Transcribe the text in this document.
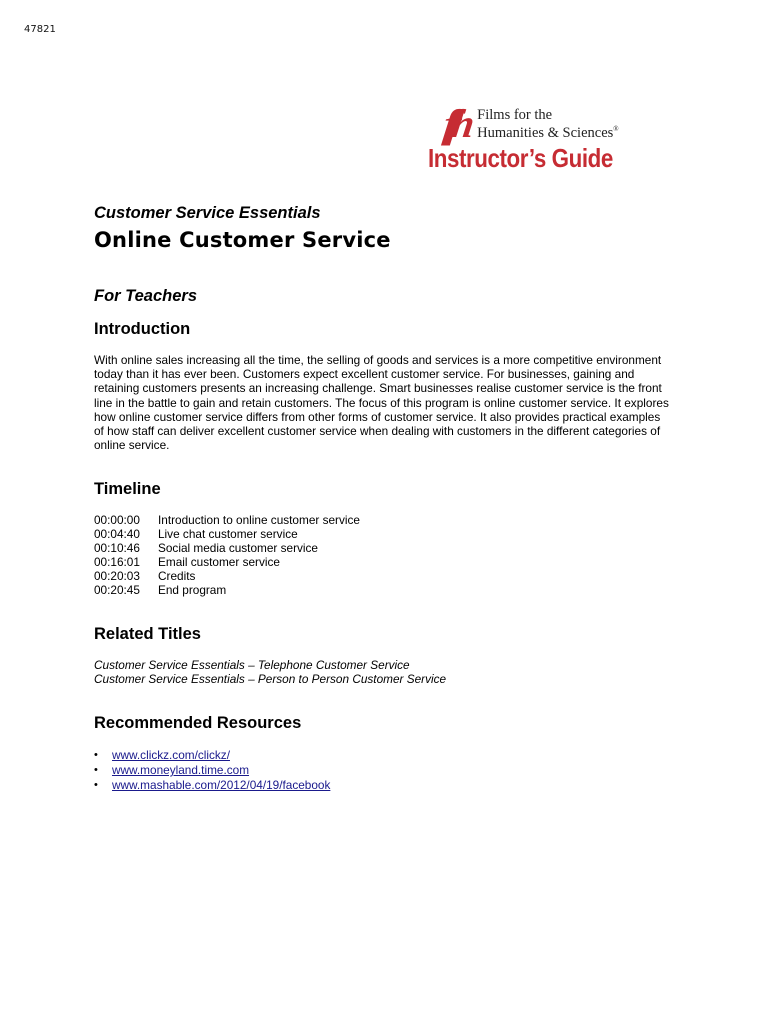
47821
ffh Films for the
Humanities & Sciences®
Instructor’s Guide
Customer Service Essentials
Online Customer Service
For Teachers
Introduction
With online sales increasing all the time, the selling of goods and services is a more competitive environment today than it has ever been. Customers expect excellent customer service. For businesses, gaining and retaining customers presents an increasing challenge. Smart businesses realise customer service is the front line in the battle to gain and retain customers. The focus of this program is online customer service. It explores how online customer service differs from other forms of customer service. It also provides practical examples of how staff can deliver excellent customer service when dealing with customers in the different categories of online service.
Timeline
00:00:00	Introduction to online customer service
00:04:40	Live chat customer service
00:10:46	Social media customer service
00:16:01	Email customer service
00:20:03	Credits
00:20:45	End program
Related Titles
Customer Service Essentials – Telephone Customer Service
Customer Service Essentials – Person to Person Customer Service
Recommended Resources
•	www.clickz.com/clickz/
•	www.moneyland.time.com
•	www.mashable.com/2012/04/19/facebook
